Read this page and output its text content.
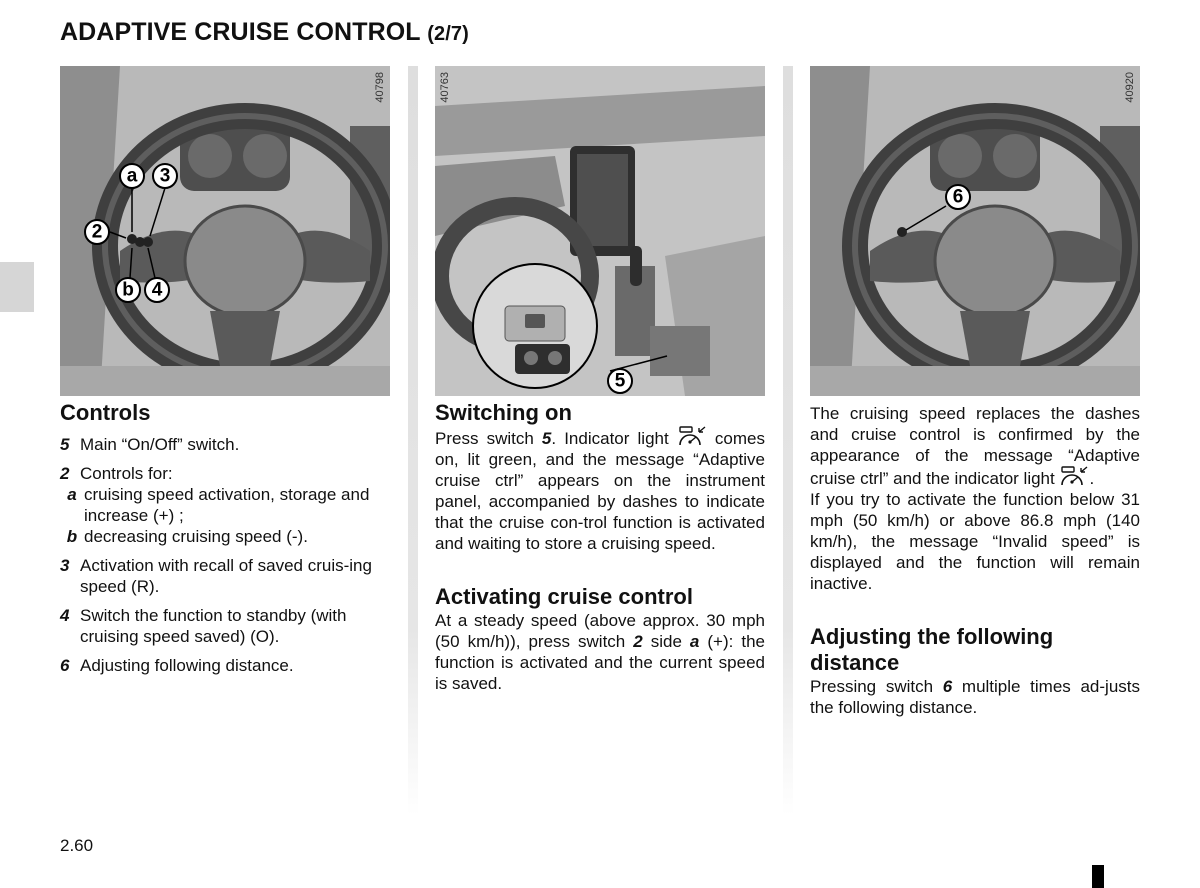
ADAPTIVE CRUISE CONTROL (2/7)
a 3
2
b 4
40798
5
40763
6
40920
Controls
5 Main “On/Off” switch.
2 Controls for:
a cruising speed activation, storage and increase (+) ;
b decreasing cruising speed (-).
3 Activation with recall of saved cruis-ing speed (R).
4 Switch the function to standby (with cruising speed saved) (O).
6 Adjusting following distance.
Switching on

Press switch 5. Indicator light  comes on, lit green, and the message “Adaptive cruise ctrl” appears on the instrument panel, accompanied by dashes to indicate that the cruise con-trol function is activated and waiting to store a cruising speed.

Activating cruise control

At a steady speed (above approx. 30 mph (50 km/h)), press switch 2 side a (+): the function is activated and the current speed is saved.

The cruising speed replaces the dashes and cruise control is confirmed by the appearance of the message “Adaptive cruise ctrl” and the indicator light .

If you try to activate the function below 31 mph (50 km/h) or above 86.8 mph (140 km/h), the message “Invalid speed” is displayed and the function will remain inactive.

Adjusting the following distance

Pressing switch 6 multiple times ad-justs the following distance.

2.60
